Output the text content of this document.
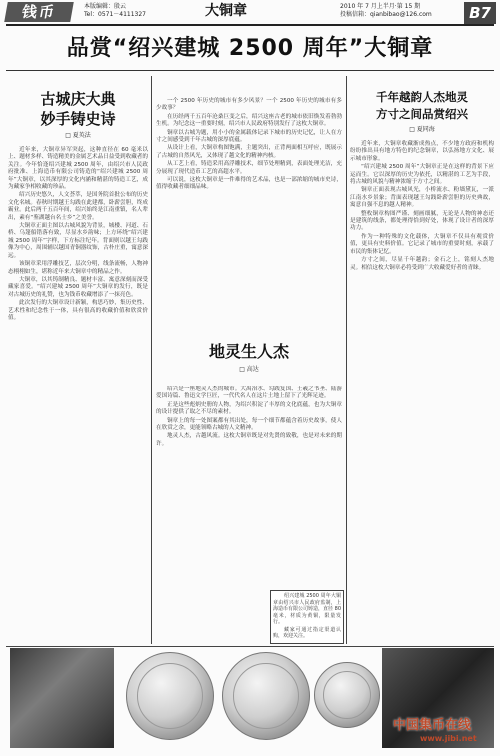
钱币	本版编辑：殷云
Tel：0571－4111327	大铜章	2010 年 7 月上半月·第 15 期
投稿信箱：qianbibao@126.com	B7
品赏“绍兴建城 2500 周年”大铜章
古城庆大典
妙手铸史诗
□ 夏英法

近年来，大铜章异军突起，这种直径在 60 毫米以上、题材多样、铸造精美的金属艺术品日益受到收藏者的关注。今年恰逢绍兴建城 2500 周年，由绍兴市人民政府批准、上海造币有限公司铸造的“绍兴建城 2500 周年”大铜章，以其深厚的文化内涵和精湛的铸造工艺，成为藏家争相收藏的珍品。

绍兴历史悠久，人文荟萃，是国务院首批公布的历史文化名城。春秋时期越王勾践在此建都，卧薪尝胆，终成霸业。此后两千五百年间，绍兴始终是江南重镇，名人辈出，素有“鉴湖越台名士乡”之美誉。

大铜章正面主图以古城风貌为背景，城楼、河道、石桥、乌篷船错落有致，尽显水乡韵味；上方环绕“绍兴建城 2500 周年”字样，下方标注纪年。背面则以越王勾践像为中心，周围辅以越国青铜器纹饰，古朴庄重，寓意深远。

该铜章采用浮雕技艺，层次分明，线条流畅，人物神态栩栩如生，堪称近年来大铜章中的精品之作。

大铜章，以其铸制精良、题材丰富、寓意深刻而深受藏家喜爱。“绍兴建城 2500 周年”大铜章的发行，既是对古城历史的礼赞，也为钱币收藏增添了一抹亮色。

此次发行的大铜章设计新颖，构思巧妙，集历史性、艺术性和纪念性于一体，具有很高的收藏价值和欣赏价值。

一个 2500 年历史的城市有多少风景？一个 2500 年历史的城市有多少故事？

在历经两千五百年沧桑巨变之后，绍兴这座古老的城市依旧焕发着勃勃生机。为纪念这一重要时刻，绍兴市人民政府特别发行了这枚大铜章。

铜章以古城为题，用小小的金属载体记录下城市的历史记忆，让人在方寸之间感受到千年古城的深厚底蕴。

从设计上看，大铜章构图饱满，主题突出，正背两面相互呼应，既展示了古城的自然风光，又体现了越文化的精神内核。

从工艺上看，铸造采用高浮雕技术，细节处理精到，表面处理光洁，充分展现了现代造币工艺的高超水平。

可以说，这枚大铜章是一件难得的艺术品，也是一部浓缩的城市史诗，值得收藏者细细品味。

地灵生人杰
□ 高达

绍兴是一座地灵人杰的城市。大禹治水、勾践复国、王羲之书圣、陆游爱国诗篇、鲁迅文学巨匠，一代代名人在这片土地上留下了光辉足迹。

正是这些彪炳史册的人物，为绍兴积淀了丰厚的文化底蕴，也为大铜章的设计提供了取之不尽的素材。

铜章上的每一处图案都有其出处，每一个细节都蕴含着历史故事，使人在欣赏之余，更能领略古城的人文精神。

地灵人杰，古越风流。这枚大铜章既是对先贤的致敬，也是对未来的期许。

绍兴建城 2500 周年大铜章由绍兴市人民政府监制，上海造币有限公司铸造，直径 80 毫米，材质为黄铜，限量发行。

藏家可通过指定渠道认购，欢迎关注。

千年越韵人杰地灵
方寸之间品赏绍兴
□ 夏同海

近年来，大铜章收藏渐成热点，不少地方政府和机构纷纷推出具有地方特色的纪念铜章，以弘扬地方文化、展示城市形象。

“绍兴建城 2500 周年”大铜章正是在这样的背景下应运而生。它以深厚的历史为依托，以精湛的工艺为手段，将古城的风貌与精神浓缩于方寸之间。

铜章正面表现古城风光，小桥流水、粉墙黛瓦，一派江南水乡景象；背面表现越王勾践卧薪尝胆的历史典故，寓意自强不息的越人精神。

整枚铜章构图严谨、刻画细腻，无论是人物的神态还是建筑的线条，都处理得恰到好处，体现了设计者的深厚功力。

作为一种特殊的文化载体，大铜章不仅具有观赏价值，更具有史料价值。它记录了城市的重要时刻，承载了市民的集体记忆。

方寸之间，尽显千年越韵；金石之上，铭刻人杰地灵。相信这枚大铜章必将受到广大收藏爱好者的青睐。

中国集币在线
www.jibi.net
